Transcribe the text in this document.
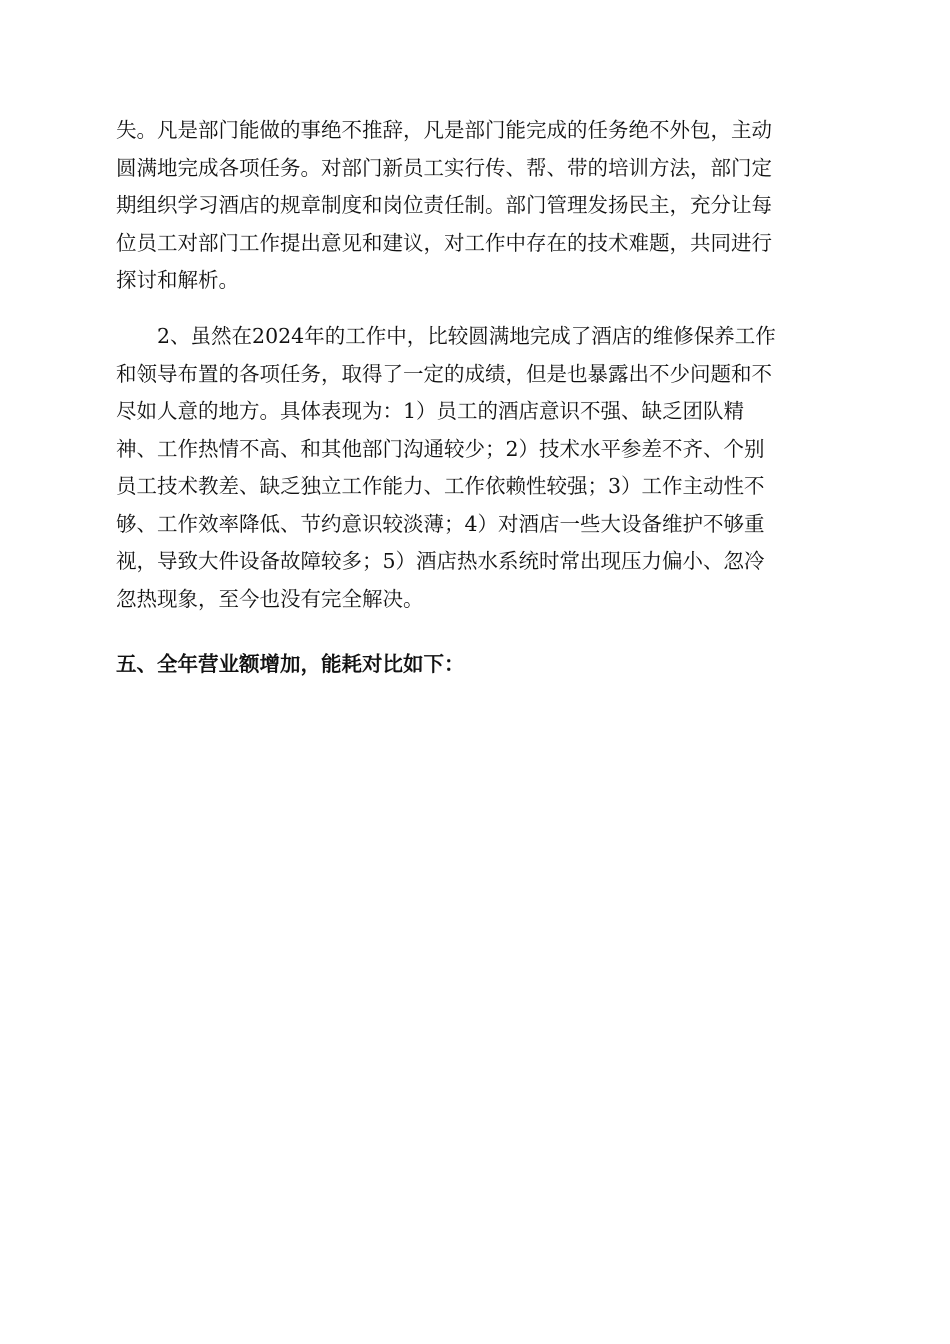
失。凡是部门能做的事绝不推辞，凡是部门能完成的任务绝不外包，主动
圆满地完成各项任务。对部门新员工实行传、帮、带的培训方法，部门定
期组织学习酒店的规章制度和岗位责任制。部门管理发扬民主，充分让每
位员工对部门工作提出意见和建议，对工作中存在的技术难题，共同进行
探讨和解析。
　　2、虽然在2024年的工作中，比较圆满地完成了酒店的维修保养工作
和领导布置的各项任务，取得了一定的成绩，但是也暴露出不少问题和不
尽如人意的地方。具体表现为：1）员工的酒店意识不强、缺乏团队精
神、工作热情不高、和其他部门沟通较少；2）技术水平参差不齐、个别
员工技术教差、缺乏独立工作能力、工作依赖性较强；3）工作主动性不
够、工作效率降低、节约意识较淡薄；4）对酒店一些大设备维护不够重
视，导致大件设备故障较多；5）酒店热水系统时常出现压力偏小、忽冷
忽热现象，至今也没有完全解决。
五、全年营业额增加，能耗对比如下：
